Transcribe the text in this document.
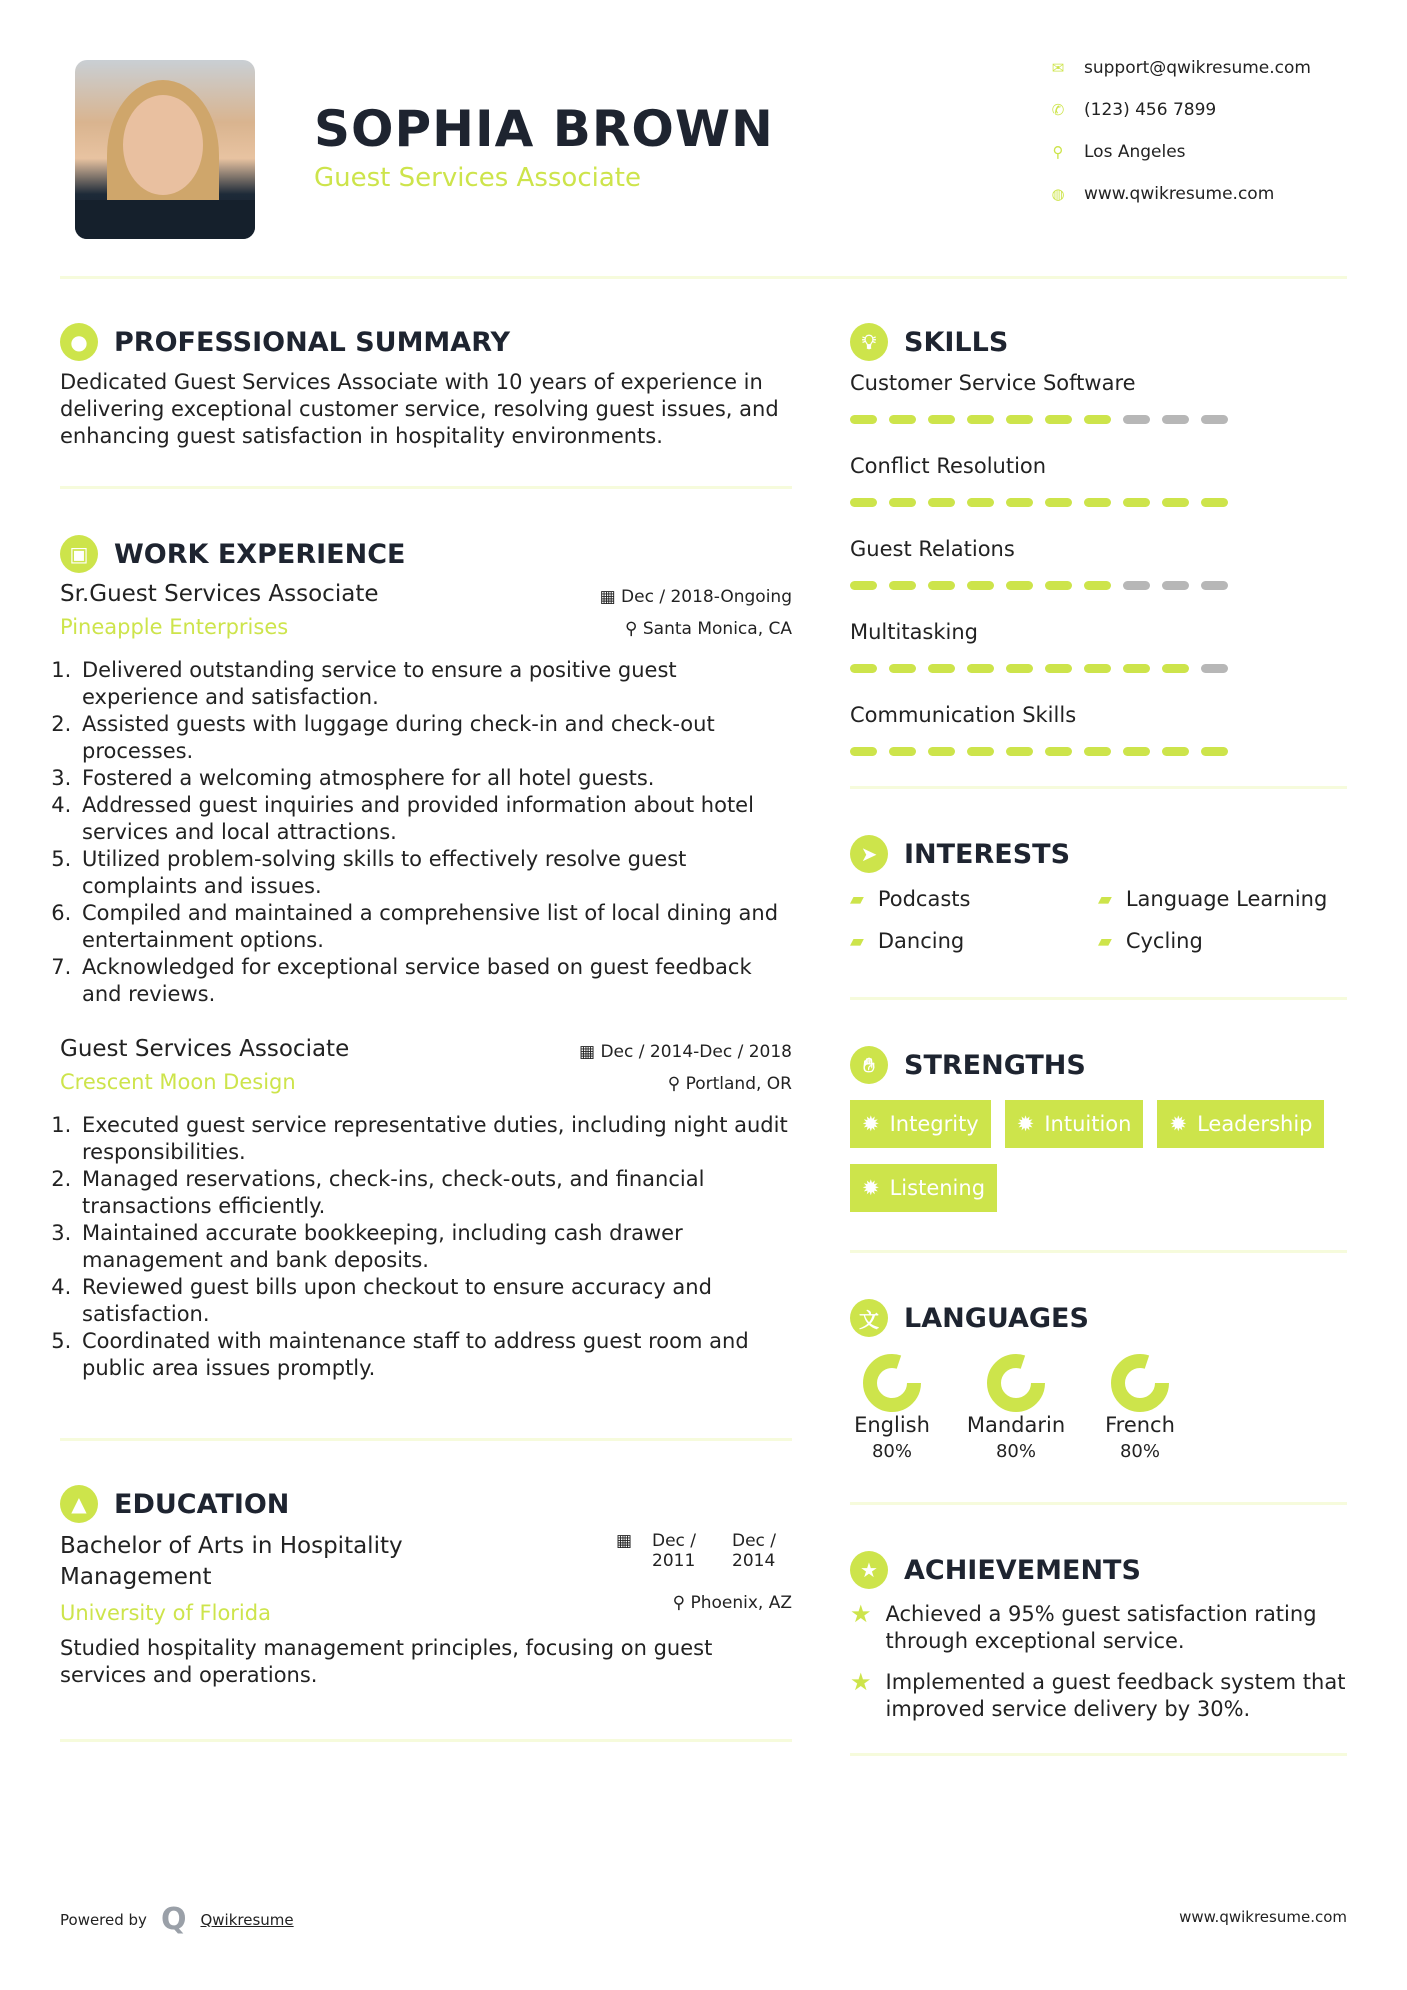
SOPHIA BROWN
Guest Services Associate
✉ support@qwikresume.com
✆ (123) 456 7899
⚲ Los Angeles
◍ www.qwikresume.com
● PROFESSIONAL SUMMARY

Dedicated Guest Services Associate with 10 years of experience in delivering exceptional customer service, resolving guest issues, and enhancing guest satisfaction in hospitality environments.

▣ WORK EXPERIENCE
Sr.Guest Services Associate
Pineapple Enterprises
▦ Dec / 2018-Ongoing
⚲ Santa Monica, CA
1. Delivered outstanding service to ensure a positive guest experience and satisfaction.
2. Assisted guests with luggage during check-in and check-out processes.
3. Fostered a welcoming atmosphere for all hotel guests.
4. Addressed guest inquiries and provided information about hotel services and local attractions.
5. Utilized problem-solving skills to effectively resolve guest complaints and issues.
6. Compiled and maintained a comprehensive list of local dining and entertainment options.
7. Acknowledged for exceptional service based on guest feedback and reviews.
Guest Services Associate
Crescent Moon Design
▦ Dec / 2014-Dec / 2018
⚲ Portland, OR
1. Executed guest service representative duties, including night audit responsibilities.
2. Managed reservations, check-ins, check-outs, and financial transactions efficiently.
3. Maintained accurate bookkeeping, including cash drawer management and bank deposits.
4. Reviewed guest bills upon checkout to ensure accuracy and satisfaction.
5. Coordinated with maintenance staff to address guest room and public area issues promptly.
▲	EDUCATION
Bachelor of Arts in Hospitality Management
University of Florida
▦ Dec / 2011
Dec / 2014
⚲ Phoenix, AZ

Studied hospitality management principles, focusing on guest services and operations.

💡︎	SKILLS
Customer Service Software
Conflict Resolution
Guest Relations
Multitasking
Communication Skills
➤ INTERESTS
▰ Podcasts	▰ Language Learning
▰ Dancing	▰ Cycling
✋︎	STRENGTHS
✹ Integrity ✹ Intuition ✹ Leadership
✹ Listening
文 LANGUAGES
English
80%
Mandarin
80%
French
80%
★ ACHIEVEMENTS
★ Achieved a 95% guest satisfaction rating through exceptional service.
★ Implemented a guest feedback system that improved service delivery by 30%.
Powered by Q Qwikresume	www.qwikresume.com
